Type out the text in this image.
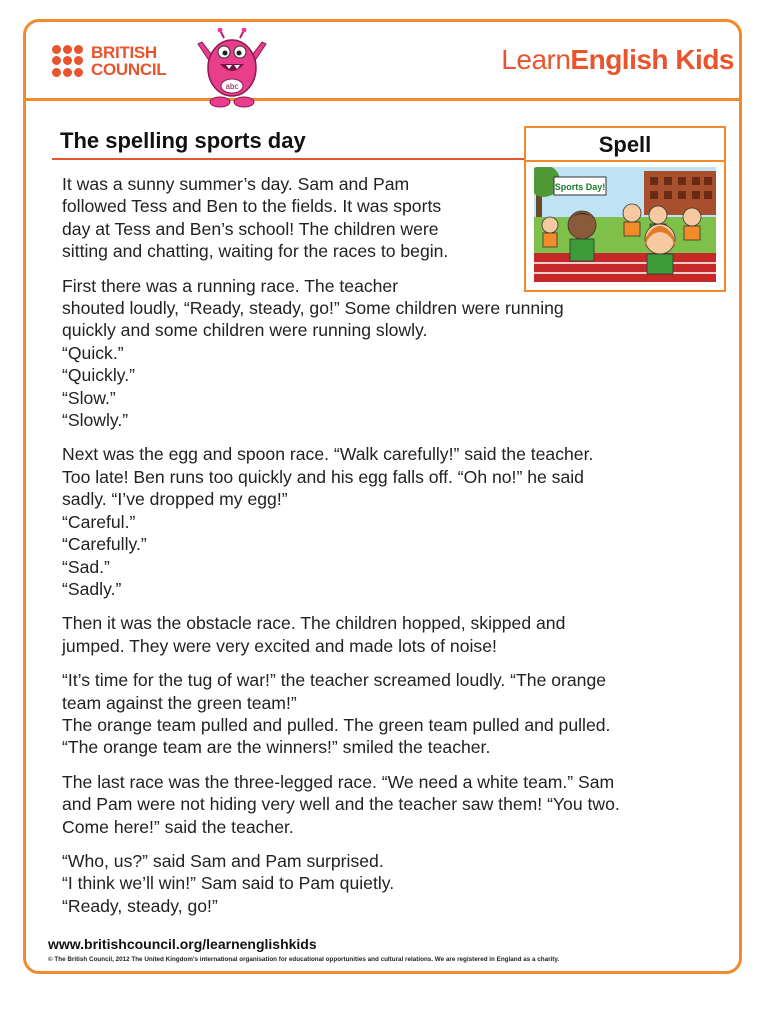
BRITISH
COUNCIL
abc
LearnEnglish Kids
The spelling sports day	Spell
Sports Day!
It was a sunny summer’s day. Sam and Pam
followed Tess and Ben to the fields. It was sports
day at Tess and Ben’s school! The children were
sitting and chatting, waiting for the races to begin.
First there was a running race. The teacher
shouted loudly, “Ready, steady, go!” Some children were running
quickly and some children were running slowly.
“Quick.”
“Quickly.”
“Slow.”
“Slowly.”
Next was the egg and spoon race. “Walk carefully!” said the teacher.
Too late! Ben runs too quickly and his egg falls off. “Oh no!” he said
sadly. “I’ve dropped my egg!”
“Careful.”
“Carefully.”
“Sad.”
“Sadly.”
Then it was the obstacle race. The children hopped, skipped and
jumped. They were very excited and made lots of noise!
“It’s time for the tug of war!” the teacher screamed loudly. “The orange
team against the green team!”
The orange team pulled and pulled. The green team pulled and pulled.
“The orange team are the winners!” smiled the teacher.
The last race was the three-legged race. “We need a white team.” Sam
and Pam were not hiding very well and the teacher saw them! “You two.
Come here!” said the teacher.
“Who, us?” said Sam and Pam surprised.
“I think we’ll win!” Sam said to Pam quietly.
“Ready, steady, go!”
www.britishcouncil.org/learnenglishkids
© The British Council, 2012 The United Kingdom’s international organisation for educational opportunities and cultural relations. We are registered in England as a charity.
